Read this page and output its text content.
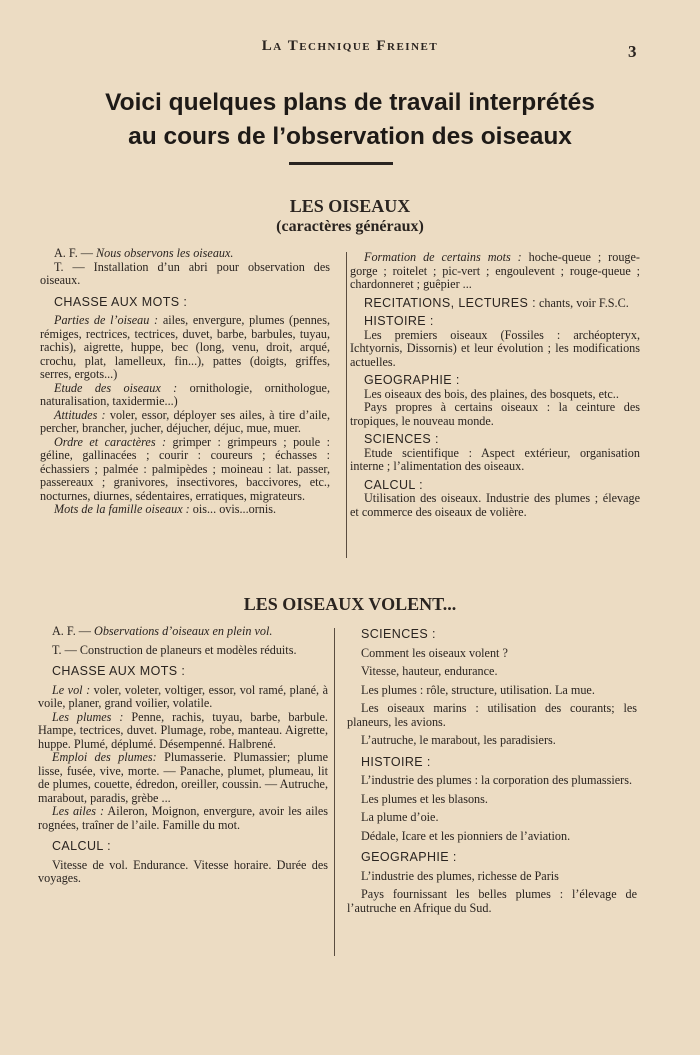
La Technique Freinet	3
Voici quelques plans de travail interprétés
au cours de l’observation des oiseaux
LES OISEAUX
(caractères généraux)

A. F. — Nous observons les oiseaux.

T. — Installation d’un abri pour observation des oiseaux.

CHASSE AUX MOTS :

Parties de l’oiseau : ailes, envergure, plumes (pennes, rémiges, rectrices, tectrices, duvet, barbe, barbules, tuyau, rachis), aigrette, huppe, bec (long, venu, droit, arqué, crochu, plat, lamelleux, fin...), pattes (doigts, griffes, serres, ergots...)

Etude des oiseaux : ornithologie, ornithologue, naturalisation, taxidermie...)

Attitudes : voler, essor, déployer ses ailes, à tire d’aile, percher, brancher, jucher, déjucher, déjuc, mue, muer.

Ordre et caractères : grimper : grimpeurs ; poule : géline, gallinacées ; courir : coureurs ; échasses : échassiers ; palmée : palmipèdes ; moineau : lat. passer, passereaux ; granivores, insectivores, baccivores, etc., nocturnes, diurnes, sédentaires, erratiques, migrateurs.

Mots de la famille oiseaux : ois... ovis...ornis.

Formation de certains mots : hoche-queue ; rouge-gorge ; roitelet ; pic-vert ; engoulevent ; rouge-queue ; chardonneret ; guêpier ...

RECITATIONS, LECTURES : chants, voir F.S.C.

HISTOIRE :

Les premiers oiseaux (Fossiles : archéopteryx, Ichtyornis, Dissornis) et leur évolution ; les modifications actuelles.

GEOGRAPHIE :

Les oiseaux des bois, des plaines, des bosquets, etc..

Pays propres à certains oiseaux : la ceinture des tropiques, le nouveau monde.

SCIENCES :

Etude scientifique : Aspect extérieur, organisation interne ; l’alimentation des oiseaux.

CALCUL :

Utilisation des oiseaux. Industrie des plumes ; élevage et commerce des oiseaux de volière.

LES OISEAUX VOLENT...

A. F. — Observations d’oiseaux en plein vol.

T. — Construction de planeurs et modèles réduits.

CHASSE AUX MOTS :

Le vol : voler, voleter, voltiger, essor, vol ramé, plané, à voile, planer, grand voilier, volatile.

Les plumes : Penne, rachis, tuyau, barbe, barbule. Hampe, tectrices, duvet. Plumage, robe, manteau. Aigrette, huppe. Plumé, déplumé. Désempenné. Halbrené.

Emploi des plumes: Plumasserie. Plumassier; plume lisse, fusée, vive, morte. — Panache, plumet, plumeau, lit de plumes, couette, édredon, oreiller, coussin. — Autruche, marabout, paradis, grèbe ...

Les ailes : Aileron, Moignon, envergure, avoir les ailes rognées, traîner de l’aile. Famille du mot.

CALCUL :

Vitesse de vol. Endurance. Vitesse horaire. Durée des voyages.

SCIENCES :

Comment les oiseaux volent ?

Vitesse, hauteur, endurance.

Les plumes : rôle, structure, utilisation. La mue.

Les oiseaux marins : utilisation des courants; les planeurs, les avions.

L’autruche, le marabout, les paradisiers.

HISTOIRE :

L’industrie des plumes : la corporation des plumassiers.

Les plumes et les blasons.

La plume d’oie.

Dédale, Icare et les pionniers de l’aviation.

GEOGRAPHIE :

L’industrie des plumes, richesse de Paris

Pays fournissant les belles plumes : l’élevage de l’autruche en Afrique du Sud.
